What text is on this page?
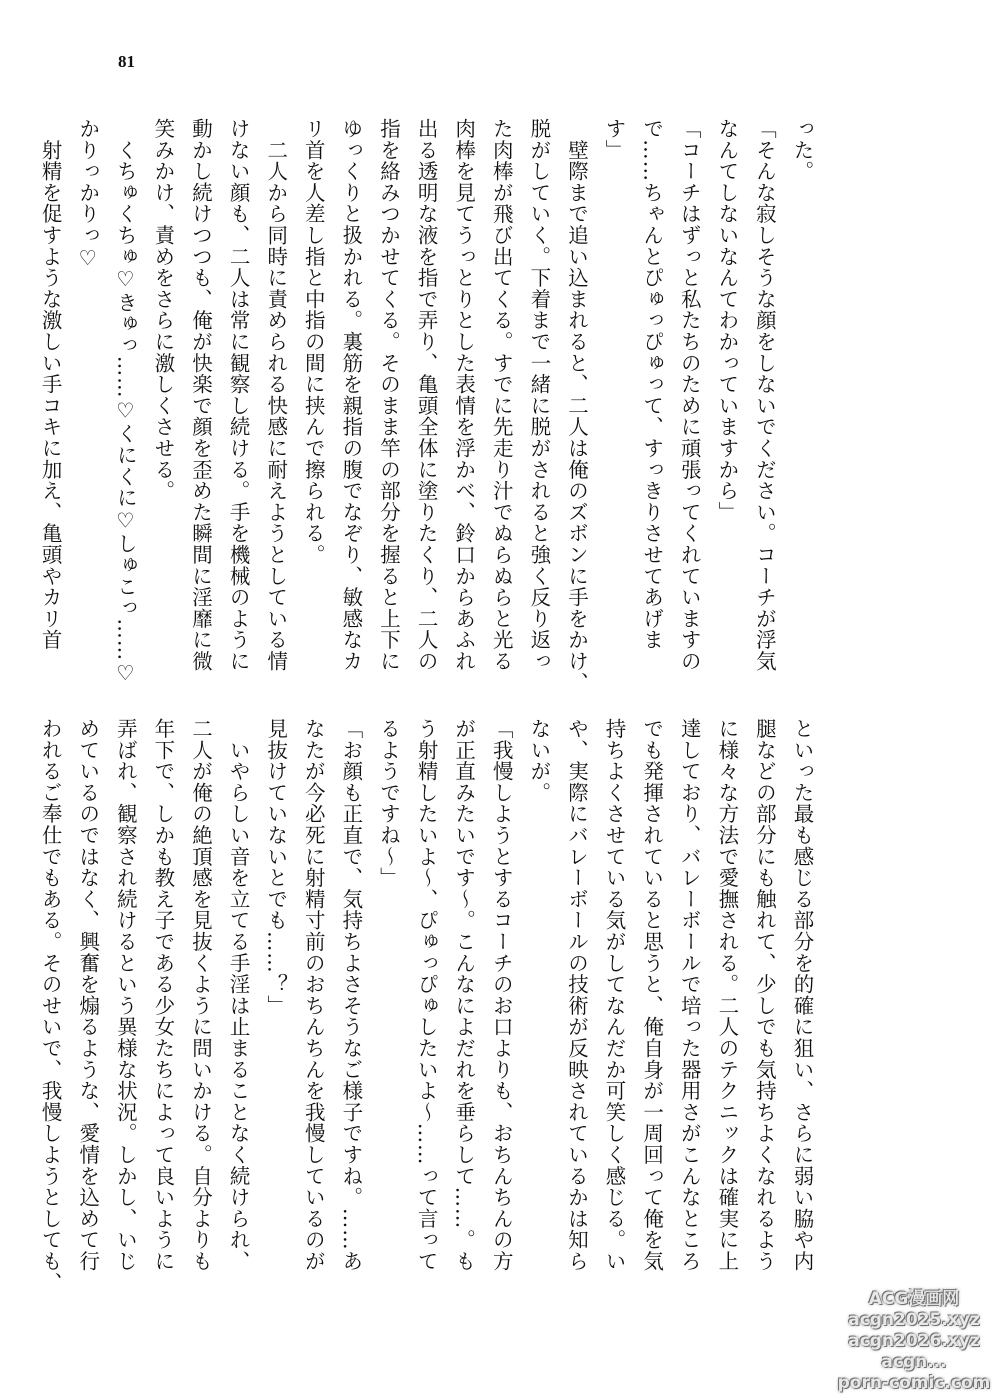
81

った。

「そんな寂しそうな顔をしないでください。コーチが浮気

なんてしないなんてわかっていますから」

「コーチはずっと私たちのために頑張ってくれていますの

で……ちゃんとぴゅっぴゅって、すっきりさせてあげま

す」

　壁際まで追い込まれると、二人は俺のズボンに手をかけ、

脱がしていく。下着まで一緒に脱がされると強く反り返っ

た肉棒が飛び出てくる。すでに先走り汁でぬらぬらと光る

肉棒を見てうっとりとした表情を浮かべ、鈴口からあふれ

出る透明な液を指で弄り、亀頭全体に塗りたくり、二人の

指を絡みつかせてくる。そのまま竿の部分を握ると上下に

ゆっくりと扱かれる。裏筋を親指の腹でなぞり、敏感なカ

リ首を人差し指と中指の間に挟んで擦られる。

　二人から同時に責められる快感に耐えようとしている情

けない顔も、二人は常に観察し続ける。手を機械のように

動かし続けつつも、俺が快楽で顔を歪めた瞬間に淫靡に微

笑みかけ、責めをさらに激しくさせる。

　くちゅくちゅ♡きゅっ……♡くにくに♡しゅこっ……♡

かりっかりっ♡

　射精を促すような激しい手コキに加え、亀頭やカリ首

といった最も感じる部分を的確に狙い、さらに弱い脇や内

腿などの部分にも触れて、少しでも気持ちよくなれるよう

に様々な方法で愛撫される。二人のテクニックは確実に上

達しており、バレーボールで培った器用さがこんなところ

でも発揮されていると思うと、俺自身が一周回って俺を気

持ちよくさせている気がしてなんだか可笑しく感じる。い

や、実際にバレーボールの技術が反映されているかは知ら

ないが。

「我慢しようとするコーチのお口よりも、おちんちんの方

が正直みたいです〜。こんなによだれを垂らして……。も

う射精したいよ〜、ぴゅっぴゅしたいよ〜……って言って

るようですね〜」

「お顔も正直で、気持ちよさそうなご様子ですね。……あ

なたが今必死に射精寸前のおちんちんを我慢しているのが

見抜けていないとでも……？」

　いやらしい音を立てる手淫は止まることなく続けられ、

二人が俺の絶頂感を見抜くように問いかける。自分よりも

年下で、しかも教え子である少女たちによって良いように

弄ばれ、観察され続けるという異様な状況。しかし、いじ

めているのではなく、興奮を煽るような、愛情を込めて行

われるご奉仕でもある。そのせいで、我慢しようとしても、

ACG漫画网
acgn2025.xyz
acgn2026.xyz
acgn...
porn-comic.com
